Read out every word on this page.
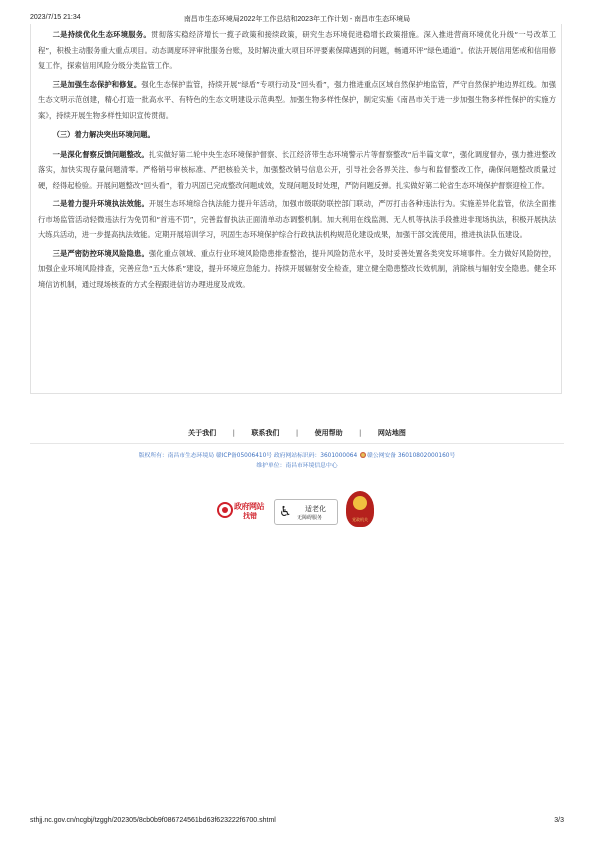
2023/7/15 21:34	南昌市生态环境局2022年工作总结和2023年工作计划 - 南昌市生态环境局

二是持续优化生态环境服务。贯彻落实稳经济增长一揽子政策和接续政策，研究生态环境促进稳增长政策措施。深入推进营商环境优化升级“一号改革工程”，积极主动服务重大重点项目。动态调度环评审批服务台账，及时解决重大项目环评要素保障遇到的问题，畅通环评“绿色通道”。依法开展信用惩戒和信用修复工作，探索信用风险分级分类监管工作。

三是加强生态保护和修复。强化生态保护监管，持续开展“绿盾”专项行动及“回头看”，强力推进重点区域自然保护地监管，严守自然保护地边界红线。加强生态文明示范创建，精心打造一批高水平、有特色的生态文明建设示范典型。加强生物多样性保护，制定实施《南昌市关于进一步加强生物多样性保护的实施方案》，持续开展生物多样性知识宣传贯彻。

（三）着力解决突出环境问题。

一是深化督察反馈问题整改。扎实做好第二轮中央生态环境保护督察、长江经济带生态环境警示片等督察整改“后半篇文章”，强化调度督办，强力推进整改落实，加快实现存量问题清零。严格销号审核标准、严把核验关卡，加强整改销号信息公开，引导社会各界关注、参与和监督整改工作，确保问题整改质量过硬，经得起检验。开展问题整改“回头看”，着力巩固已完成整改问题成效，发现问题及时处理，严防问题反弹。扎实做好第二轮省生态环境保护督察迎检工作。

二是着力提升环境执法效能。开展生态环境综合执法能力提升年活动，加强市级联防联控部门联动，严厉打击各种违法行为。实施差异化监管，依法全面推行市场监管活动轻微违法行为免罚和“首违不罚”，完善监督执法正面清单动态调整机制。加大利用在线监测、无人机等执法手段推进非现场执法，积极开展执法大练兵活动，进一步提高执法效能。定期开展培训学习，巩固生态环境保护综合行政执法机构规范化建设成果，加强干部交流使用，推进执法队伍建设。

三是严密防控环境风险隐患。强化重点领域、重点行业环境风险隐患排查整治，提升风险防范水平，及时妥善处置各类突发环境事件。全力做好风险防控，加强企业环境风险排查，完善应急“五大体系”建设，提升环境应急能力。持续开展辐射安全检查，建立健全隐患整改长效机制，消除核与辐射安全隐患。健全环境信访机制，通过现场核查的方式全程跟进信访办理进度及成效。

关于我们 | 联系我们 | 使用帮助 | 网站地图
版权所有：南昌市生态环境局 赣ICP备05006410号 政府网站标识码：3601000064 赣公网安备 36010802000160号
维护单位：南昌市环境信息中心
政府网站
找错 ♿ 适老化
无障碍服务	党政机关
sthjj.nc.gov.cn/ncgbj/tzggh/202305/8cb0b9f086724561bd63f623222f6700.shtml	3/3
